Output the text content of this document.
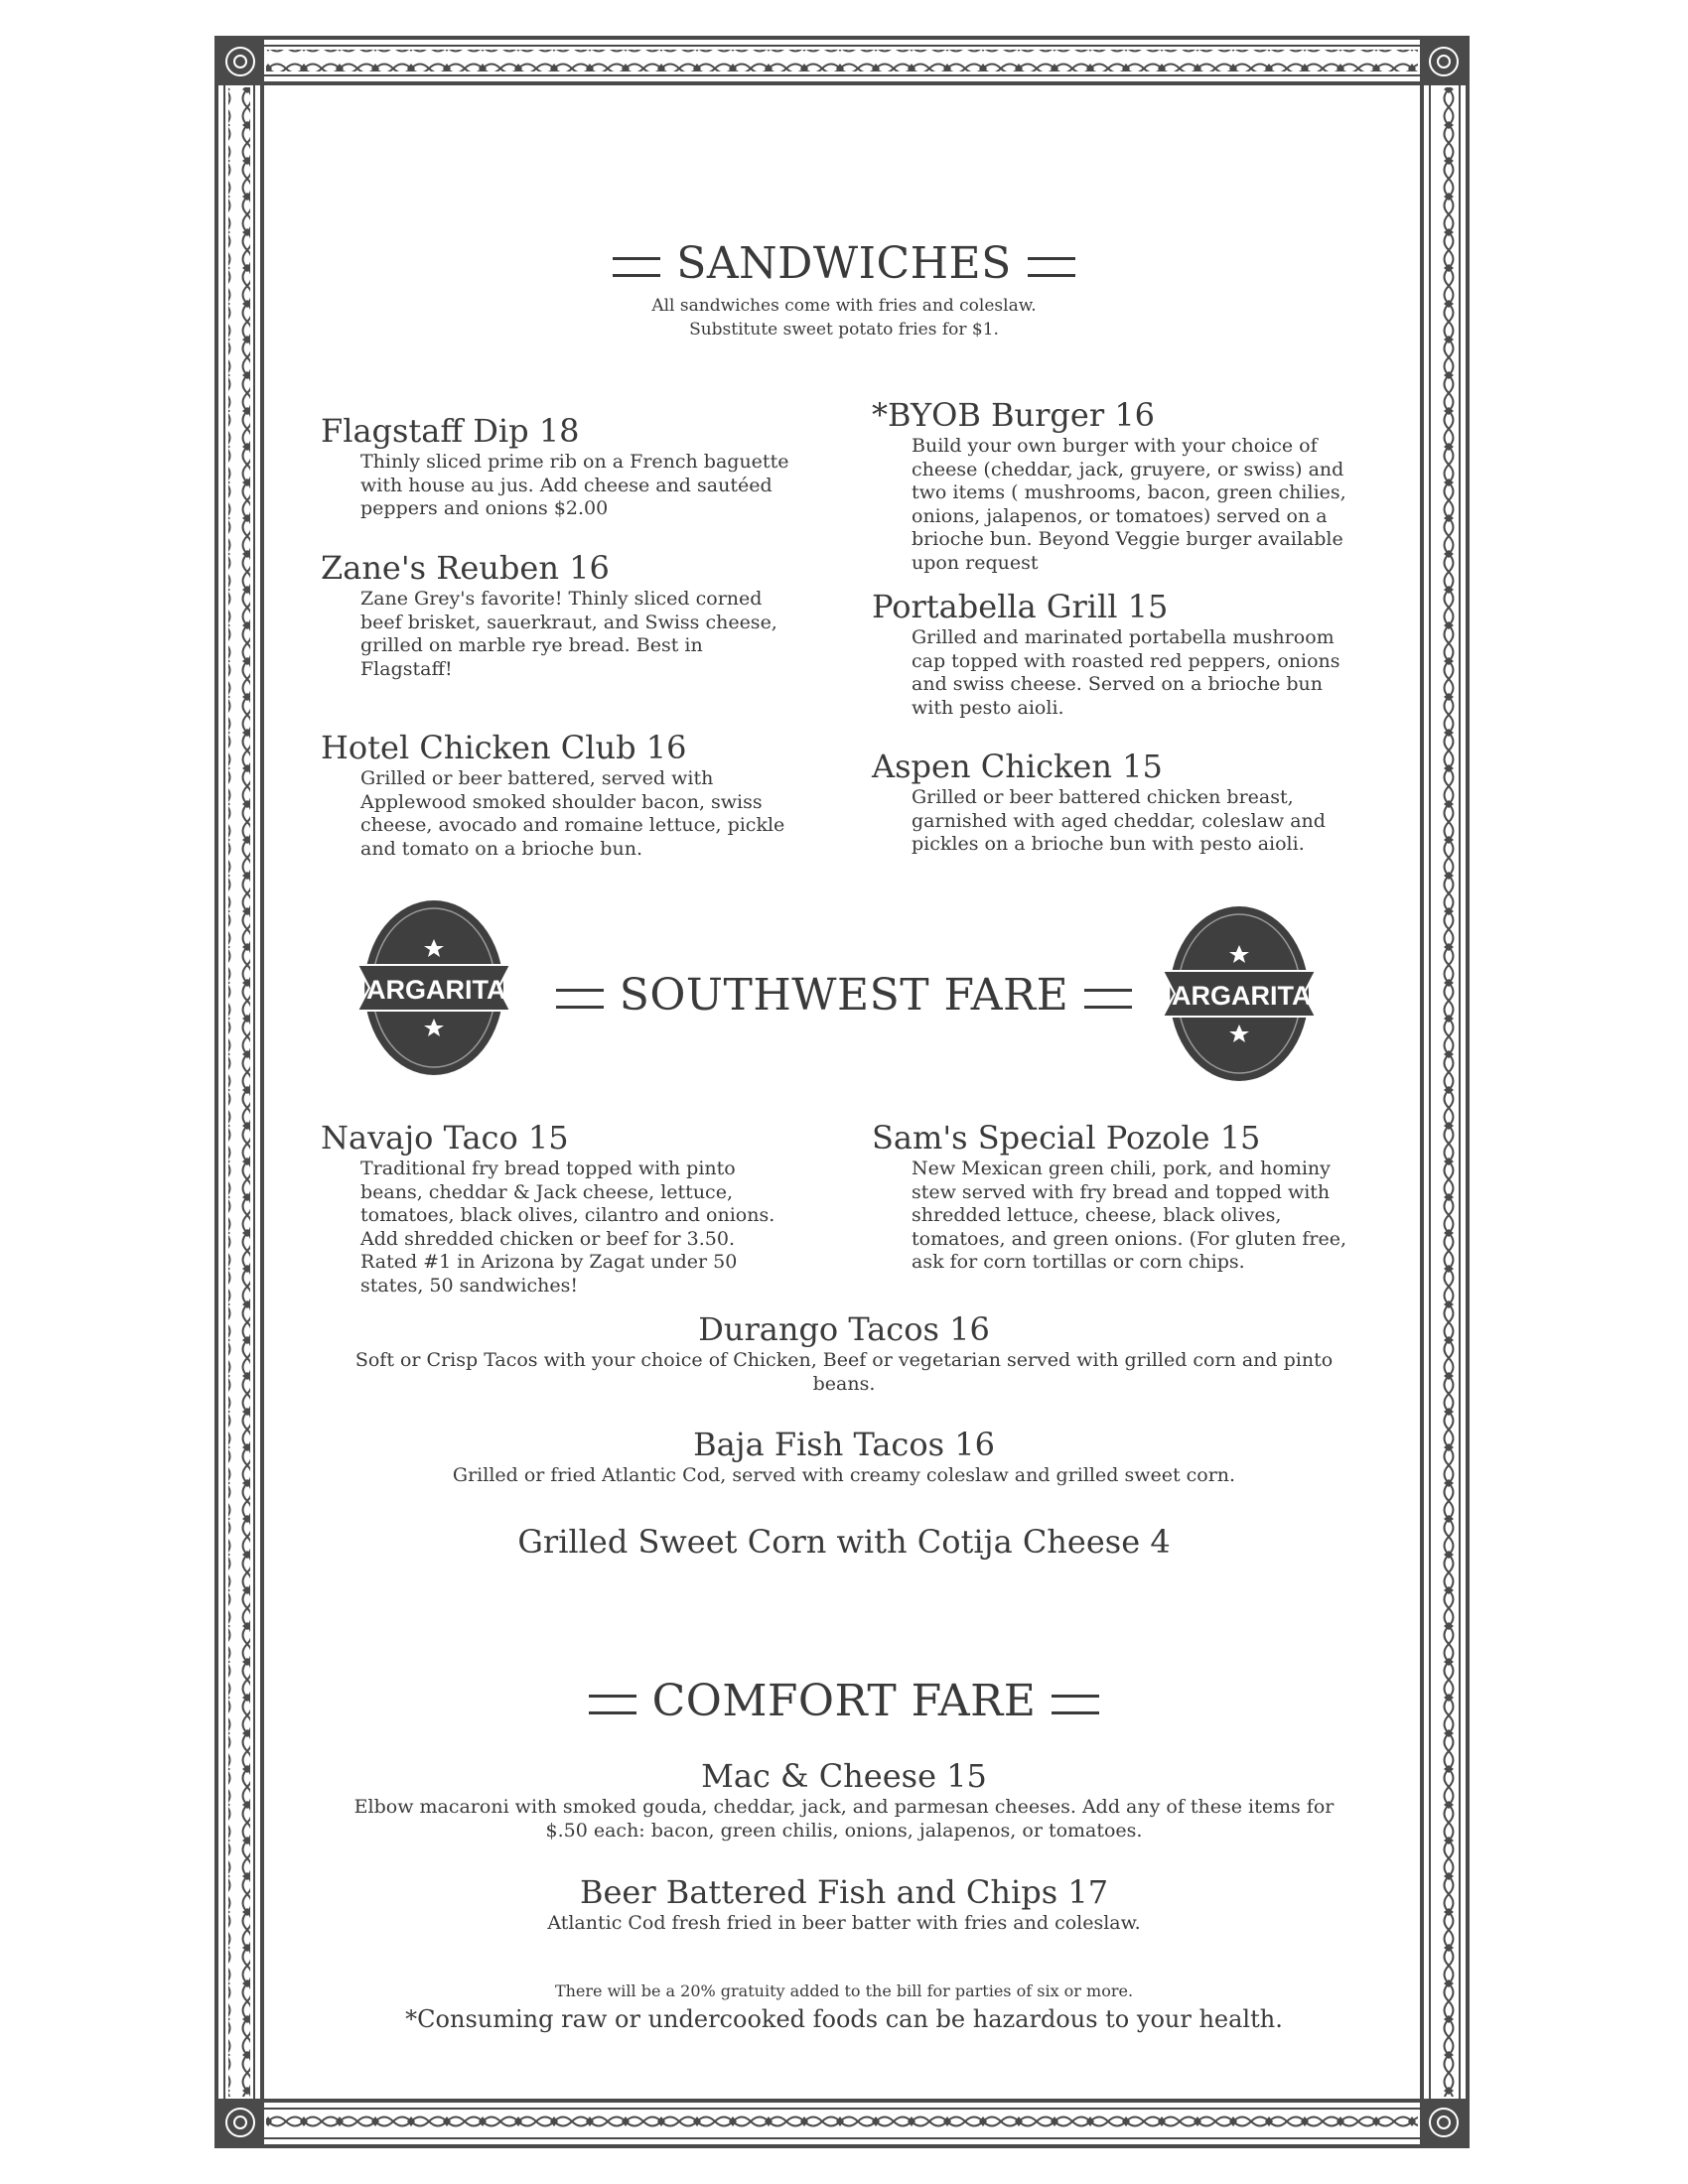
SANDWICHES
All sandwiches come with fries and coleslaw.
Substitute sweet potato fries for $1.
Flagstaff Dip 18
Thinly sliced prime rib on a French baguette with house au jus. Add cheese and sautéed peppers and onions $2.00
Zane's Reuben 16
Zane Grey's favorite! Thinly sliced corned beef brisket, sauerkraut, and Swiss cheese, grilled on marble rye bread. Best in Flagstaff!
Hotel Chicken Club 16
Grilled or beer battered, served with Applewood smoked shoulder bacon, swiss cheese, avocado and romaine lettuce, pickle and tomato on a brioche bun.
*BYOB Burger 16
Build your own burger with your choice of cheese (cheddar, jack, gruyere, or swiss) and two items ( mushrooms, bacon, green chilies, onions, jalapenos, or tomatoes) served on a brioche bun. Beyond Veggie burger available upon request
Portabella Grill 15
Grilled and marinated portabella mushroom cap topped with roasted red peppers, onions and swiss cheese. Served on a brioche bun with pesto aioli.
Aspen Chicken 15
Grilled or beer battered chicken breast, garnished with aged cheddar, coleslaw and pickles on a brioche bun with pesto aioli.
MARGARITAS	MARGARITAS
SOUTHWEST FARE
Navajo Taco 15
Traditional fry bread topped with pinto beans, cheddar & Jack cheese, lettuce, tomatoes, black olives, cilantro and onions. Add shredded chicken or beef for 3.50. Rated #1 in Arizona by Zagat under 50 states, 50 sandwiches!
Sam's Special Pozole 15
New Mexican green chili, pork, and hominy stew served with fry bread and topped with shredded lettuce, cheese, black olives, tomatoes, and green onions. (For gluten free, ask for corn tortillas or corn chips.
Durango Tacos 16
Soft or Crisp Tacos with your choice of Chicken, Beef or vegetarian served with grilled corn and pinto beans.
Baja Fish Tacos 16
Grilled or fried Atlantic Cod, served with creamy coleslaw and grilled sweet corn.
Grilled Sweet Corn with Cotija Cheese 4
COMFORT FARE
Mac & Cheese 15
Elbow macaroni with smoked gouda, cheddar, jack, and parmesan cheeses. Add any of these items for $.50 each: bacon, green chilis, onions, jalapenos, or tomatoes.
Beer Battered Fish and Chips 17
Atlantic Cod fresh fried in beer batter with fries and coleslaw.
There will be a 20% gratuity added to the bill for parties of six or more.
*Consuming raw or undercooked foods can be hazardous to your health.
